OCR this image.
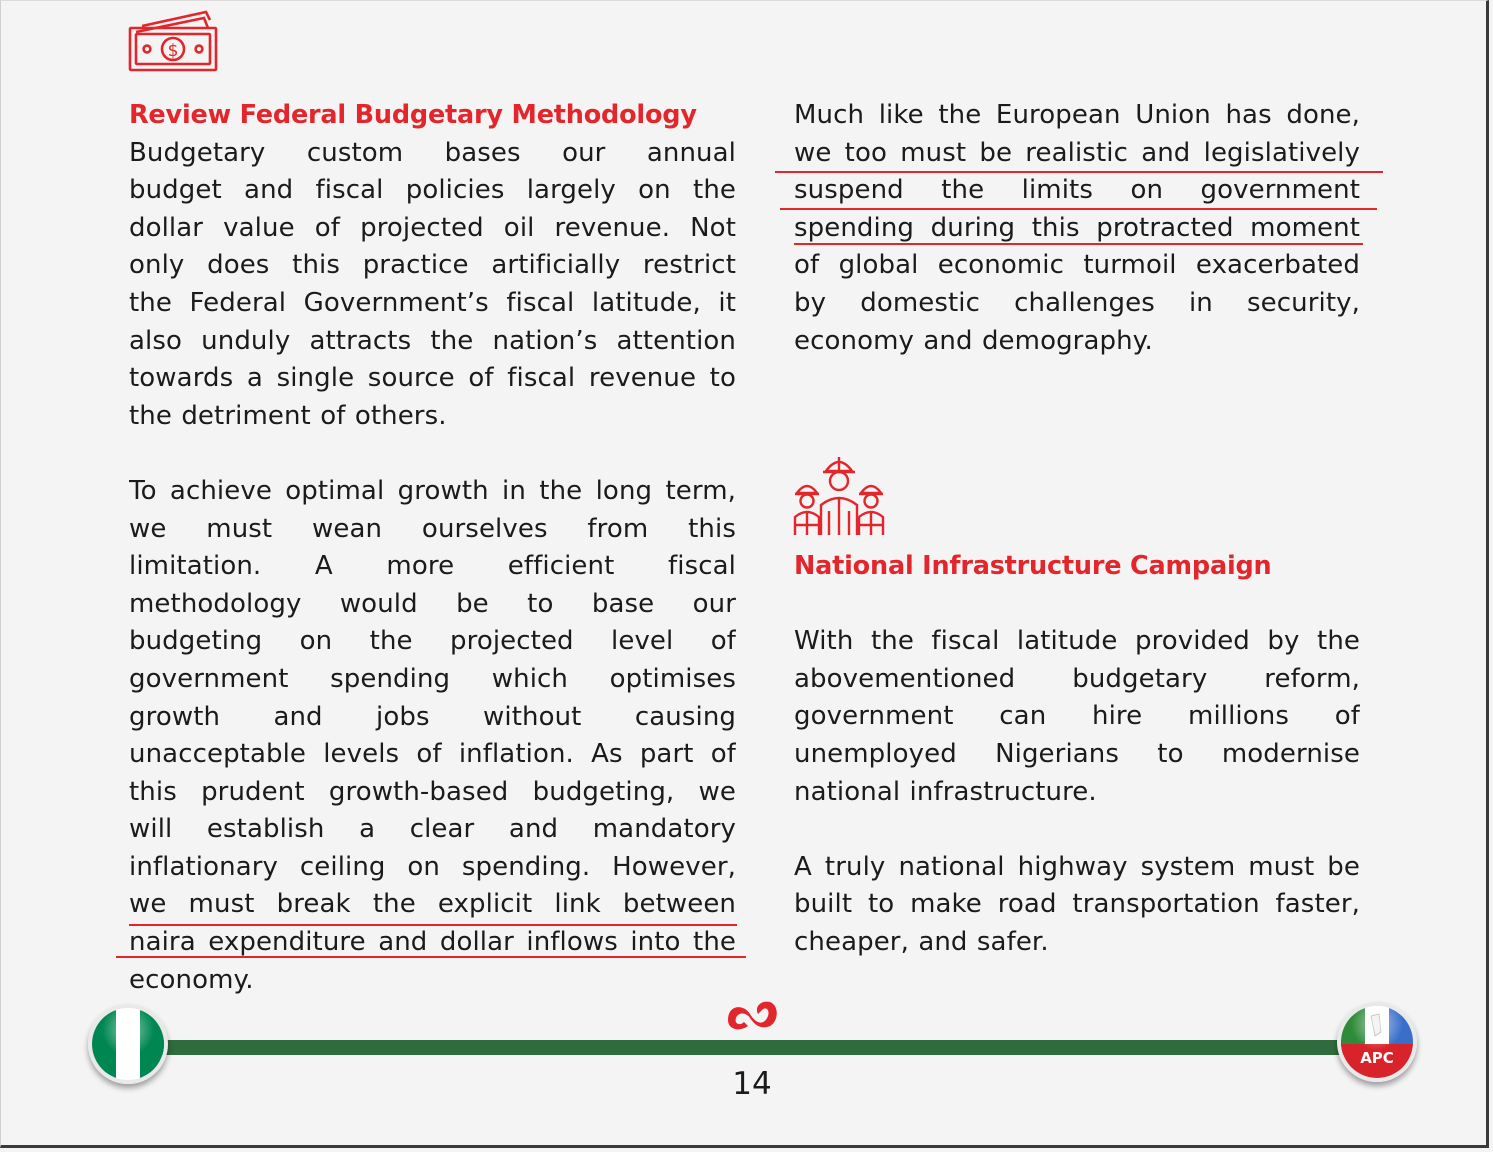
$
Review Federal Budgetary Methodology
Budgetary custom bases our annual
budget and fiscal policies largely on the
dollar value of projected oil revenue. Not
only does this practice artificially restrict
the Federal Government’s fiscal latitude, it
also unduly attracts the nation’s attention
towards a single source of fiscal revenue to
the detriment of others.
To achieve optimal growth in the long term,
we must wean ourselves from this
limitation. A more efficient fiscal
methodology would be to base our
budgeting on the projected level of
government spending which optimises
growth and jobs without causing
unacceptable levels of inflation. As part of
this prudent growth-based budgeting, we
will establish a clear and mandatory
inflationary ceiling on spending. However,
we must break the explicit link between
naira expenditure and dollar inflows into the
economy.
Much like the European Union has done,
we too must be realistic and legislatively
suspend the limits on government
spending during this protracted moment
of global economic turmoil exacerbated
by domestic challenges in security,
economy and demography.
National Infrastructure Campaign
With the fiscal latitude provided by the
abovementioned budgetary reform,
government can hire millions of
unemployed Nigerians to modernise
national infrastructure.
A truly national highway system must be
built to make road transportation faster,
cheaper, and safer.
14
